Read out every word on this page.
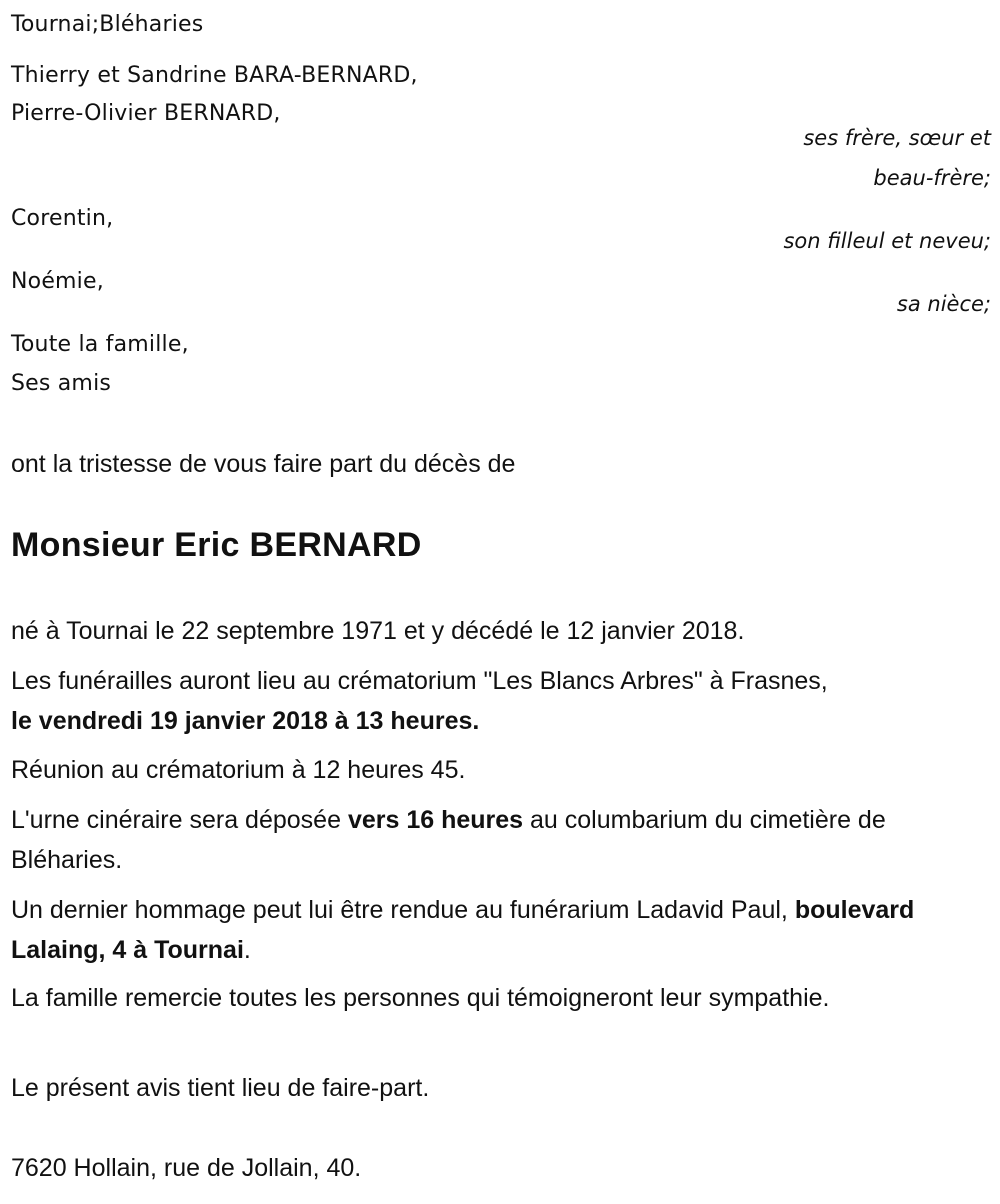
Tournai;Bléharies
Thierry et Sandrine BARA-BERNARD,
Pierre-Olivier BERNARD,
ses frère, sœur et
beau-frère;
Corentin,
son filleul et neveu;
Noémie,
sa nièce;
Toute la famille,
Ses amis
ont la tristesse de vous faire part du décès de
Monsieur Eric BERNARD
né à Tournai le 22 septembre 1971 et y décédé le 12 janvier 2018.
Les funérailles auront lieu au crématorium "Les Blancs Arbres" à Frasnes,
le vendredi 19 janvier 2018 à 13 heures.
Réunion au crématorium à 12 heures 45.
L'urne cinéraire sera déposée vers 16 heures au columbarium du cimetière de Bléharies.
Un dernier hommage peut lui être rendue au funérarium Ladavid Paul, boulevard Lalaing, 4 à Tournai.
La famille remercie toutes les personnes qui témoigneront leur sympathie.
Le présent avis tient lieu de faire-part.
7620 Hollain, rue de Jollain, 40.
